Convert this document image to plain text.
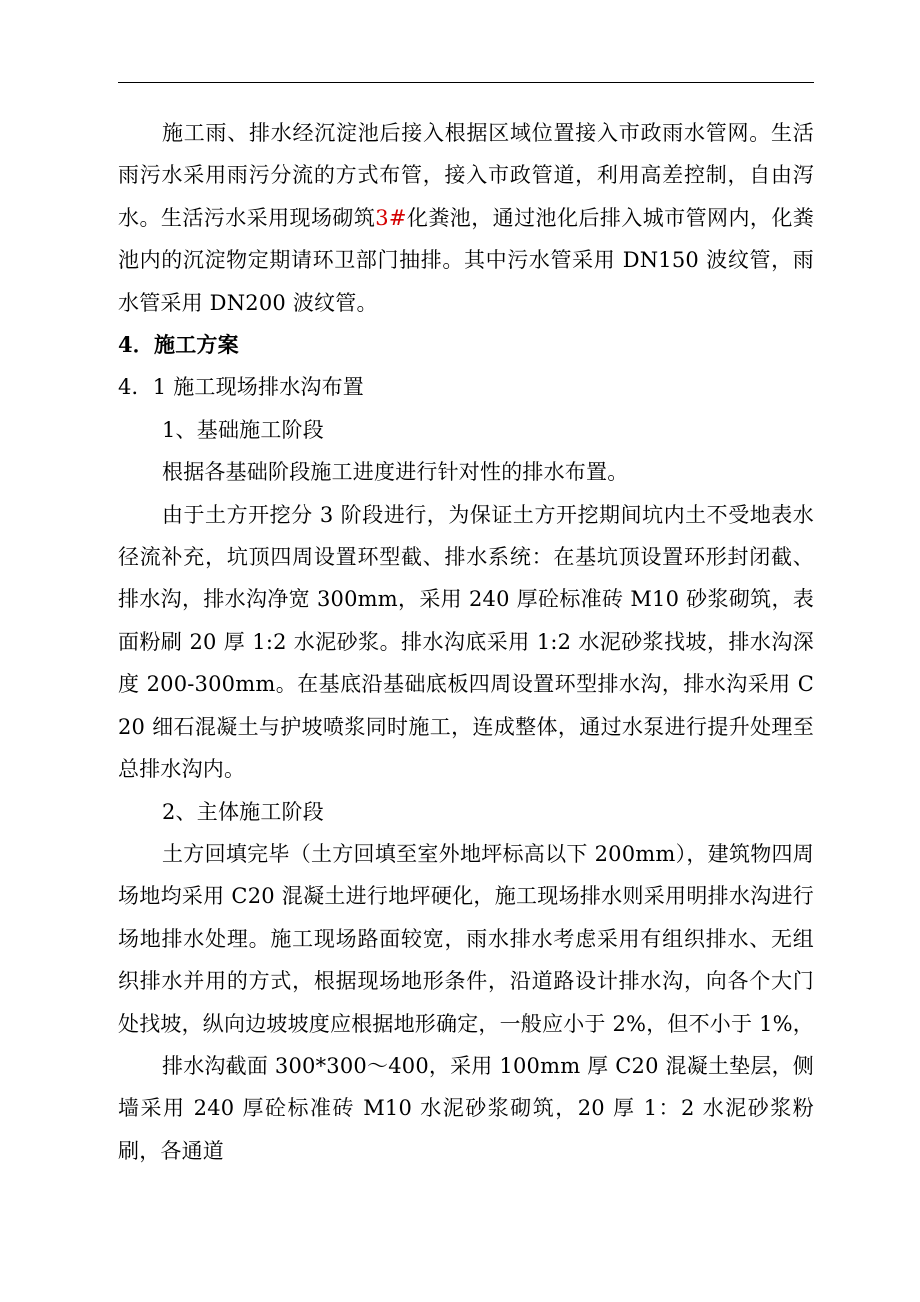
施工雨、排水经沉淀池后接入根据区域位置接入市政雨水管网。生活雨污水采用雨污分流的方式布管，接入市政管道，利用高差控制，自由泻水。生活污水采用现场砌筑3#化粪池，通过池化后排入城市管网内，化粪池内的沉淀物定期请环卫部门抽排。其中污水管采用 DN150 波纹管，雨水管采用 DN200 波纹管。

4．施工方案

4．1 施工现场排水沟布置

1、基础施工阶段

根据各基础阶段施工进度进行针对性的排水布置。

由于土方开挖分 3 阶段进行，为保证土方开挖期间坑内土不受地表水径流补充，坑顶四周设置环型截、排水系统：在基坑顶设置环形封闭截、排水沟，排水沟净宽 300mm，采用 240 厚砼标准砖 M10 砂浆砌筑，表面粉刷 20 厚 1:2 水泥砂浆。排水沟底采用 1:2 水泥砂浆找坡，排水沟深度 200-300mm。在基底沿基础底板四周设置环型排水沟，排水沟采用 C20 细石混凝土与护坡喷浆同时施工，连成整体，通过水泵进行提升处理至总排水沟内。

2、主体施工阶段

土方回填完毕（土方回填至室外地坪标高以下 200mm），建筑物四周场地均采用 C20 混凝土进行地坪硬化，施工现场排水则采用明排水沟进行场地排水处理。施工现场路面较宽，雨水排水考虑采用有组织排水、无组织排水并用的方式，根据现场地形条件，沿道路设计排水沟，向各个大门处找坡，纵向边坡坡度应根据地形确定，一般应小于 2%，但不小于 1%，

排水沟截面 300*300～400，采用 100mm 厚 C20 混凝土垫层，侧墙采用 240 厚砼标准砖 M10 水泥砂浆砌筑，20 厚 1：2 水泥砂浆粉刷，各通道
